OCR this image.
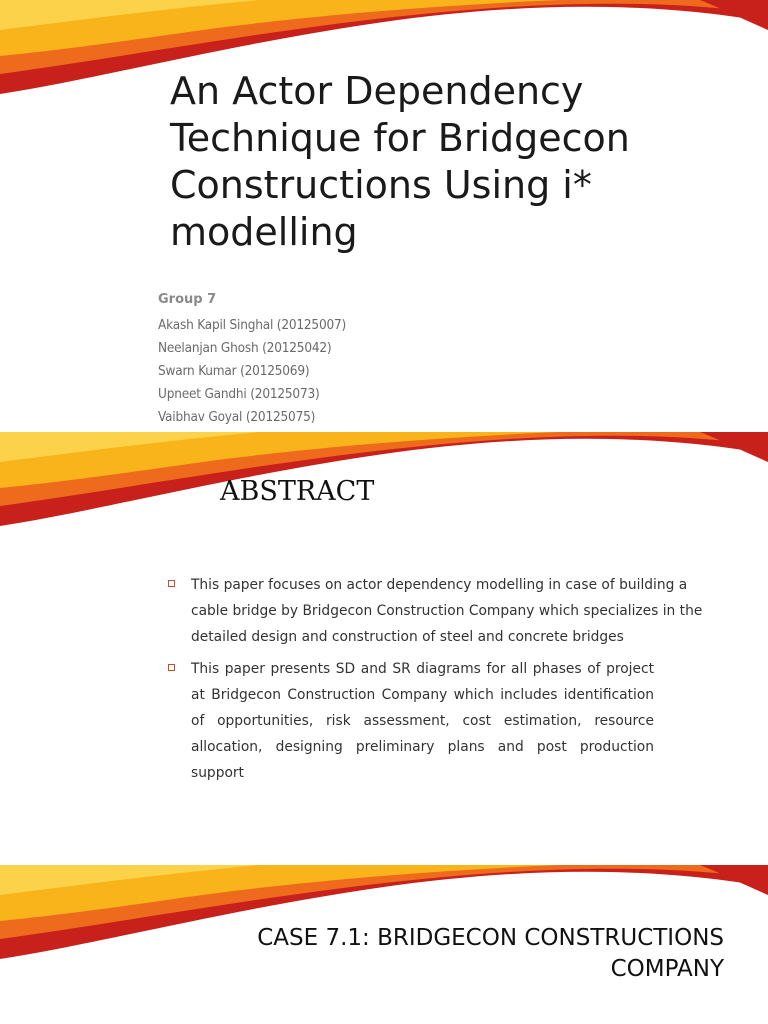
An Actor Dependency Technique for Bridgecon Constructions Using i* modelling
Group 7
Akash Kapil Singhal (20125007)
Neelanjan Ghosh (20125042)
Swarn Kumar (20125069)
Upneet Gandhi (20125073)
Vaibhav Goyal (20125075)
ABSTRACT
This paper focuses on actor dependency modelling in case of building a cable bridge by Bridgecon Construction Company which specializes in the detailed design and construction of steel and concrete bridges
This paper presents SD and SR diagrams for all phases of project at Bridgecon Construction Company which includes identification of opportunities, risk assessment, cost estimation, resource allocation, designing preliminary plans and post production support
CASE 7.1: BRIDGECON CONSTRUCTIONS COMPANY
